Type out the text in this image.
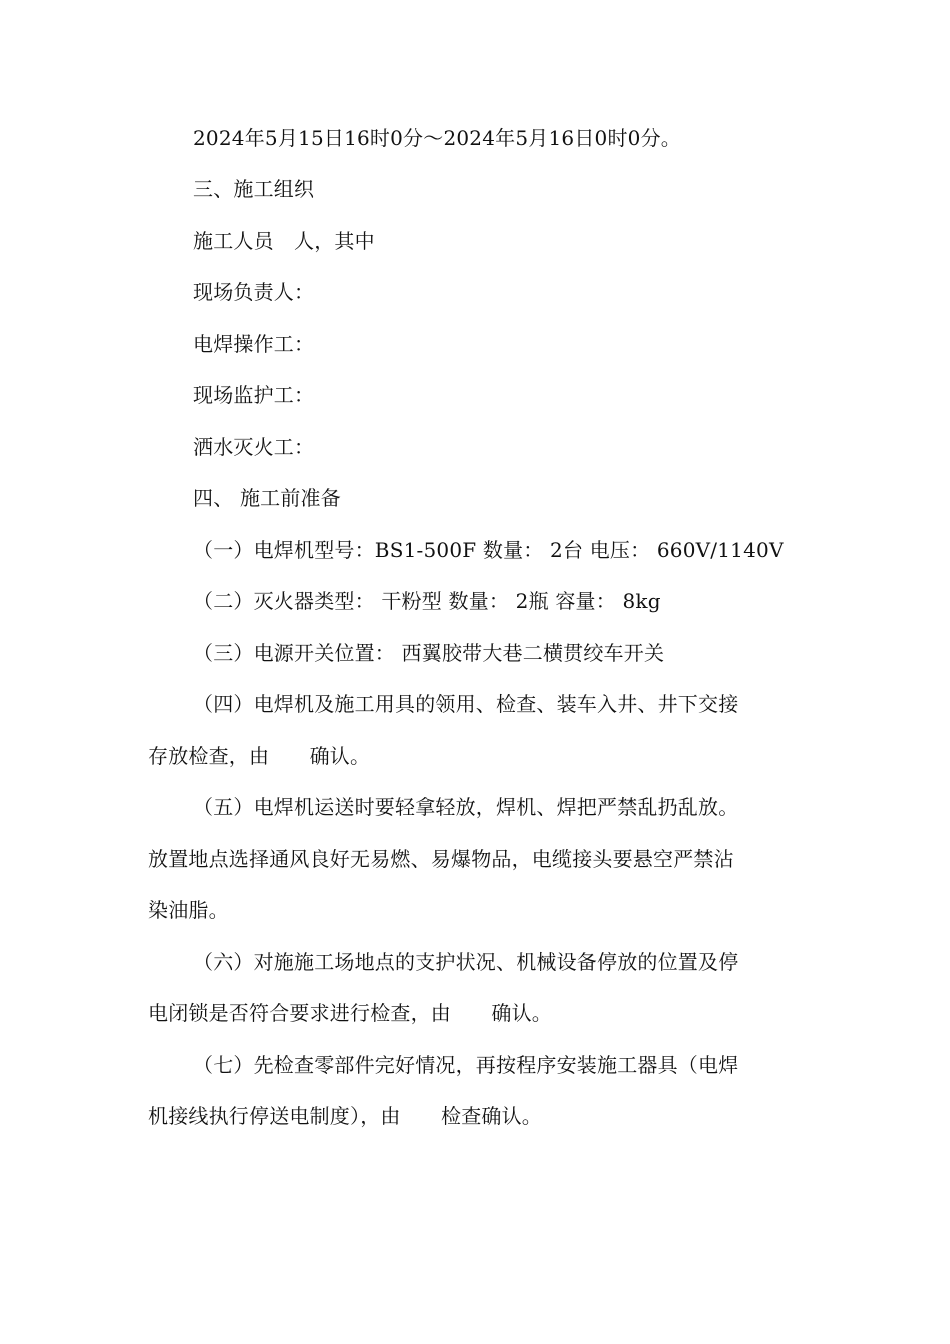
2024年5月15日16时0分～2024年5月16日0时0分。
三、施工组织
施工人员　人，其中
现场负责人：
电焊操作工：
现场监护工：
洒水灭火工：
四、 施工前准备
（一）电焊机型号：BS1-500F 数量： 2台 电压： 660V/1140V
（二）灭火器类型： 干粉型 数量： 2瓶 容量： 8kg
（三）电源开关位置： 西翼胶带大巷二横贯绞车开关
（四）电焊机及施工用具的领用、检查、装车入井、井下交接
存放检查，由　　确认。
（五）电焊机运送时要轻拿轻放，焊机、焊把严禁乱扔乱放。
放置地点选择通风良好无易燃、易爆物品，电缆接头要悬空严禁沾
染油脂。
（六）对施施工场地点的支护状况、机械设备停放的位置及停
电闭锁是否符合要求进行检查，由　　确认。
（七）先检查零部件完好情况，再按程序安装施工器具（电焊
机接线执行停送电制度），由　　检查确认。
